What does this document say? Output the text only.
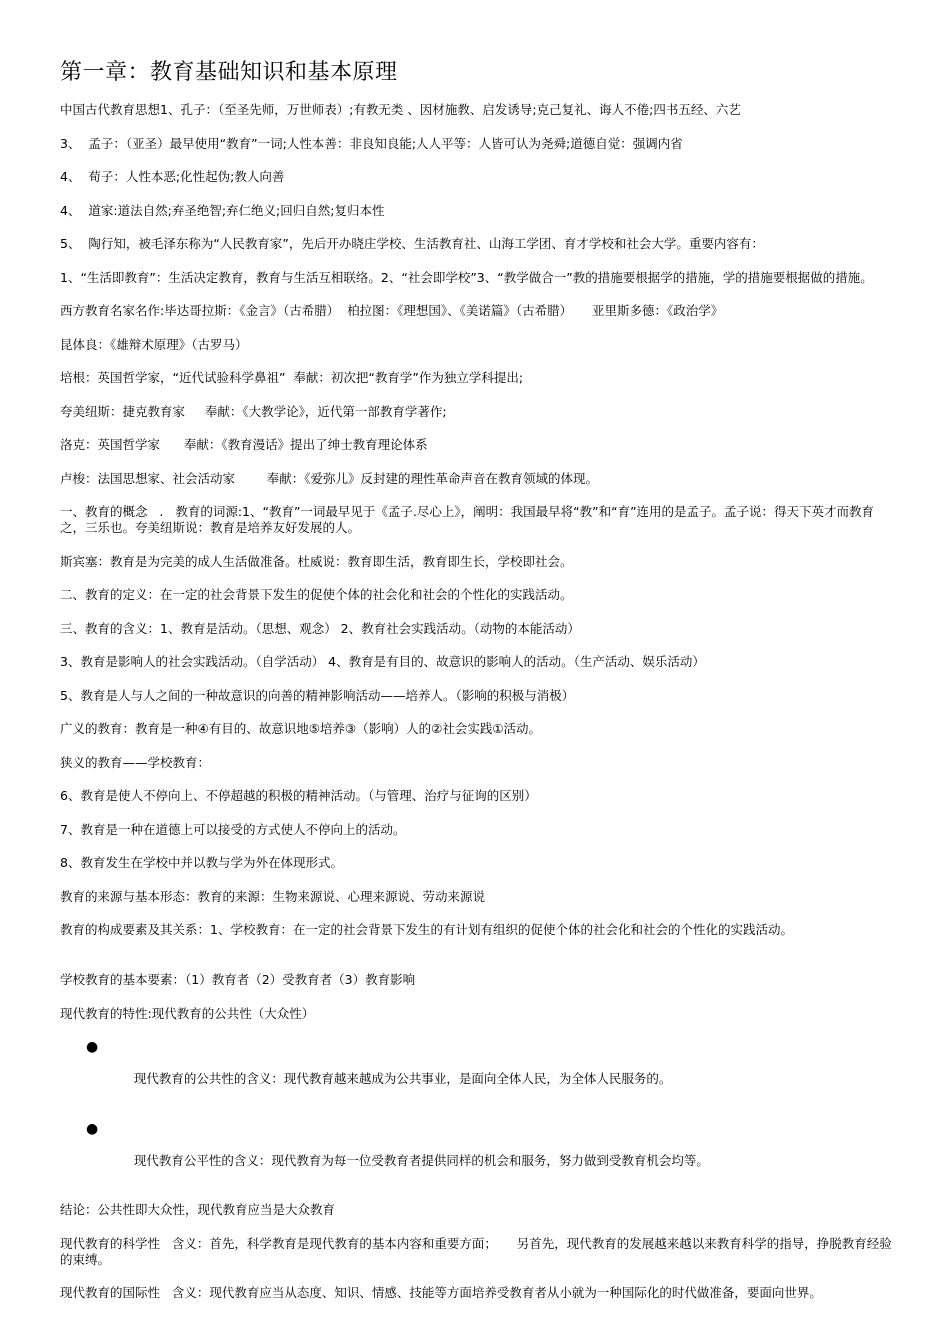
第一章：教育基础知识和基本原理
中国古代教育思想1、孔子：（至圣先师，万世师表）;有教无类 、因材施教、启发诱导;克己复礼、诲人不倦;四书五经、六艺
3、  孟子：（亚圣）最早使用“教育”一词;人性本善：非良知良能;人人平等：人皆可认为尧舜;道德自觉：强调内省
4、  荀子：人性本恶;化性起伪;教人向善
4、  道家:道法自然;弃圣绝智;弃仁绝义;回归自然;复归本性
5、  陶行知，被毛泽东称为“人民教育家”，先后开办晓庄学校、生活教育社、山海工学团、育才学校和社会大学。重要内容有：
1、“生活即教育”：生活决定教育，教育与生活互相联络。2、“社会即学校”3、“教学做合一”教的措施要根据学的措施，学的措施要根据做的措施。
西方教育名家名作:毕达哥拉斯：《金言》（古希腊）  柏拉图：《理想国》、《美诺篇》（古希腊）     亚里斯多德：《政治学》
昆体良：《雄辩术原理》（古罗马）
培根：英国哲学家，“近代试验科学鼻祖”  奉献：初次把“教育学”作为独立学科提出;
夸美纽斯：捷克教育家     奉献：《大教学论》，近代第一部教育学著作;
洛克：英国哲学家      奉献：《教育漫话》提出了绅士教育理论体系
卢梭：法国思想家、社会活动家        奉献：《爱弥儿》反封建的理性革命声音在教育领域的体现。
一、教育的概念   .   教育的词源:1、“教育”一词最早见于《孟子.尽心上》，阐明：我国最早将“教”和“育”连用的是孟子。孟子说：得天下英才而教育之，三乐也。夸美纽斯说：教育是培养友好发展的人。
斯宾塞：教育是为完美的成人生活做准备。杜威说：教育即生活，教育即生长，学校即社会。
二、教育的定义：在一定的社会背景下发生的促使个体的社会化和社会的个性化的实践活动。
三、教育的含义：1、教育是活动。（思想、观念） 2、教育社会实践活动。（动物的本能活动）
3、教育是影响人的社会实践活动。（自学活动） 4、教育是有目的、故意识的影响人的活动。（生产活动、娱乐活动）
5、教育是人与人之间的一种故意识的向善的精神影响活动——培养人。（影响的积极与消极）
广义的教育：教育是一种④有目的、故意识地⑤培养③（影响）人的②社会实践①活动。
狭义的教育——学校教育：
6、教育是使人不停向上、不停超越的积极的精神活动。（与管理、治疗与征询的区别）
7、教育是一种在道德上可以接受的方式使人不停向上的活动。
8、教育发生在学校中并以教与学为外在体现形式。
教育的来源与基本形态：教育的来源：生物来源说、心理来源说、劳动来源说
教育的构成要素及其关系：1、学校教育：在一定的社会背景下发生的有计划有组织的促使个体的社会化和社会的个性化的实践活动。
学校教育的基本要素：（1）教育者（2）受教育者（3）教育影响
现代教育的特性:现代教育的公共性（大众性）

●

现代教育的公共性的含义：现代教育越来越成为公共事业，是面向全体人民，为全体人民服务的。

●

现代教育公平性的含义：现代教育为每一位受教育者提供同样的机会和服务，努力做到受教育机会均等。

结论：公共性即大众性，现代教育应当是大众教育
现代教育的科学性   含义：首先，科学教育是现代教育的基本内容和重要方面；     另首先，现代教育的发展越来越以来教育科学的指导，挣脱教育经验的束缚。
现代教育的国际性   含义：现代教育应当从态度、知识、情感、技能等方面培养受教育者从小就为一种国际化的时代做准备，要面向世界。
